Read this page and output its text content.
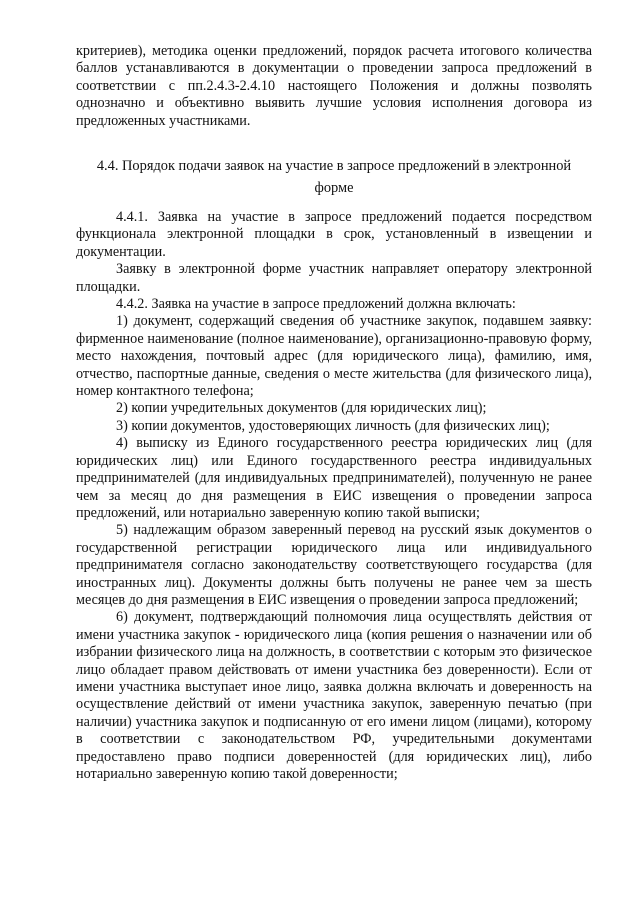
критериев), методика оценки предложений, порядок расчета итогового количества баллов устанавливаются в документации о проведении запроса предложений в соответствии с пп.2.4.3-2.4.10 настоящего Положения и должны позволять однозначно и объективно выявить лучшие условия исполнения договора из предложенных участниками.

4.4. Порядок подачи заявок на участие в запросе предложений в электронной форме

4.4.1. Заявка на участие в запросе предложений подается посредством функционала электронной площадки в срок, установленный в извещении и документации.

Заявку в электронной форме участник направляет оператору электронной площадки.

4.4.2. Заявка на участие в запросе предложений должна включать:

1) документ, содержащий сведения об участнике закупок, подавшем заявку: фирменное наименование (полное наименование), организационно-правовую форму, место нахождения, почтовый адрес (для юридического лица), фамилию, имя, отчество, паспортные данные, сведения о месте жительства (для физического лица), номер контактного телефона;

2) копии учредительных документов (для юридических лиц);

3) копии документов, удостоверяющих личность (для физических лиц);

4) выписку из Единого государственного реестра юридических лиц (для юридических лиц) или Единого государственного реестра индивидуальных предпринимателей (для индивидуальных предпринимателей), полученную не ранее чем за месяц до дня размещения в ЕИС извещения о проведении запроса предложений, или нотариально заверенную копию такой выписки;

5) надлежащим образом заверенный перевод на русский язык документов о государственной регистрации юридического лица или индивидуального предпринимателя согласно законодательству соответствующего государства (для иностранных лиц). Документы должны быть получены не ранее чем за шесть месяцев до дня размещения в ЕИС извещения о проведении запроса предложений;

6) документ, подтверждающий полномочия лица осуществлять действия от имени участника закупок - юридического лица (копия решения о назначении или об избрании физического лица на должность, в соответствии с которым это физическое лицо обладает правом действовать от имени участника без доверенности). Если от имени участника выступает иное лицо, заявка должна включать и доверенность на осуществление действий от имени участника закупок, заверенную печатью (при наличии) участника закупок и подписанную от его имени лицом (лицами), которому в соответствии с законодательством РФ, учредительными документами предоставлено право подписи доверенностей (для юридических лиц), либо нотариально заверенную копию такой доверенности;
